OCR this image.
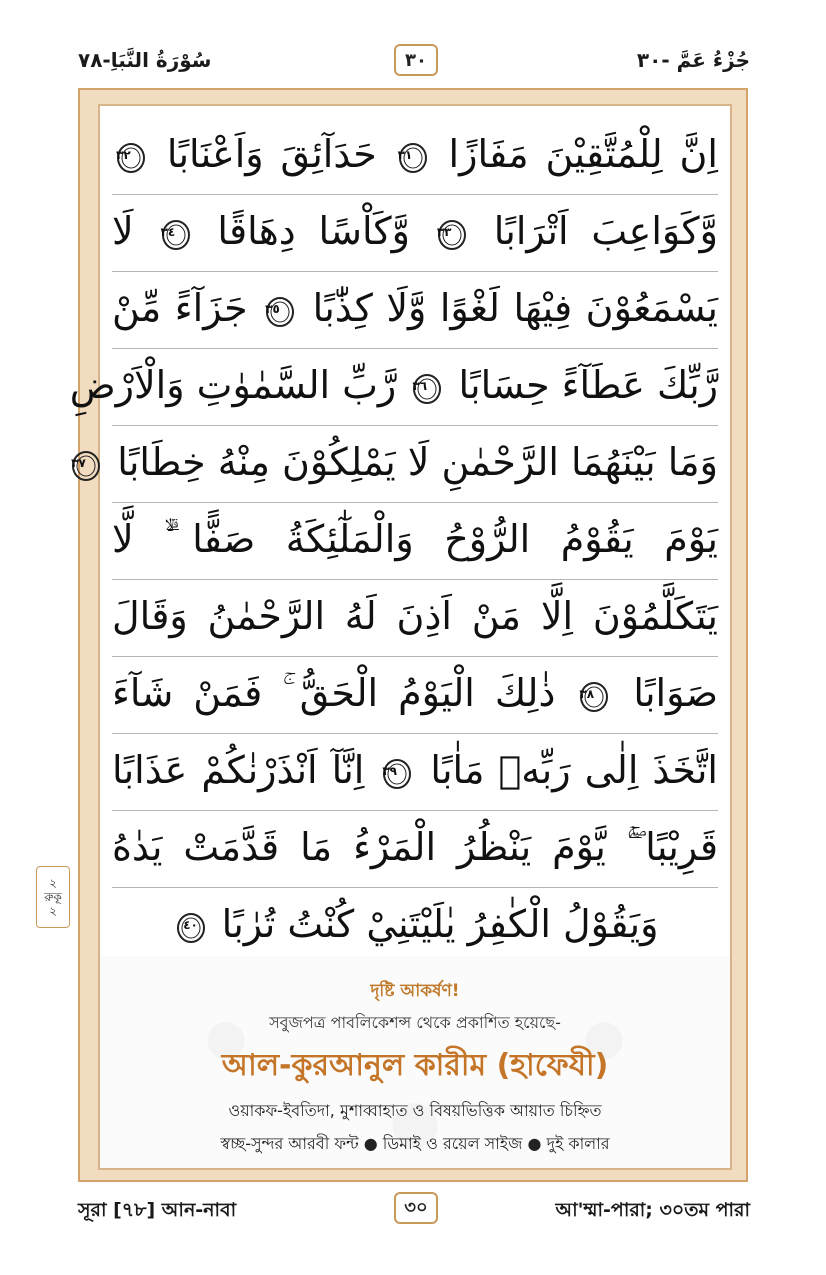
سُوْرَةُ النَّبَاِ-٧٨	٣٠	جُزْءُ عَمَّ -٣٠
اِنَّ لِلْمُتَّقِيْنَ مَفَازًا
٣١
حَدَآئِقَ وَاَعْنَابًا
٣٢
وَّكَوَاعِبَ اَتْرَابًا
٣٣
وَّكَاْسًا دِهَاقًا
٣٤
لَا
يَسْمَعُوْنَ فِيْهَا لَغْوًا وَّلَا كِذّٰبًا
٣٥
جَزَآءً مِّنْ
رَّبِّكَ عَطَآءً حِسَابًا
٣٦
رَّبِّ السَّمٰوٰتِ وَالْاَرْضِ
وَمَا بَيْنَهُمَا الرَّحْمٰنِ لَا يَمْلِكُوْنَ مِنْهُ خِطَابًا
٣٧
يَوْمَ يَقُوْمُ الرُّوْحُ وَالْمَلٰٓئِكَةُ صَفًّا ۙۗ لَّا
يَتَكَلَّمُوْنَ اِلَّا مَنْ اَذِنَ لَهُ الرَّحْمٰنُ وَقَالَ
صَوَابًا
٣٨
ذٰلِكَ الْيَوْمُ الْحَقُّ ۚ فَمَنْ شَآءَ
اتَّخَذَ اِلٰى رَبِّهٖ مَاٰبًا
٣٩
اِنَّآ اَنْذَرْنٰكُمْ عَذَابًا
قَرِيْبًا ۚۖ يَّوْمَ يَنْظُرُ الْمَرْءُ مَا قَدَّمَتْ يَدٰهُ
وَيَقُوْلُ الْكٰفِرُ يٰلَيْتَنِيْ كُنْتُ تُرٰبًا
٤٠
দৃষ্টি আকর্ষণ!
সবুজপত্র পাবলিকেশন্স থেকে প্রকাশিত হয়েছে-
আল-কুরআনুল কারীম (হাফেযী)
ওয়াকফ-ইবতিদা, মুশাব্বাহাত ও বিষয়ভিত্তিক আয়াত চিহ্নিত
স্বচ্ছ-সুন্দর আরবী ফন্ট ● ডিমাই ও রয়েল সাইজ ● দুই কালার
২
রুকূ
২
সূরা [৭৮] আন-নাবা	৩০	আ'ম্মা-পারা; ৩০তম পারা
